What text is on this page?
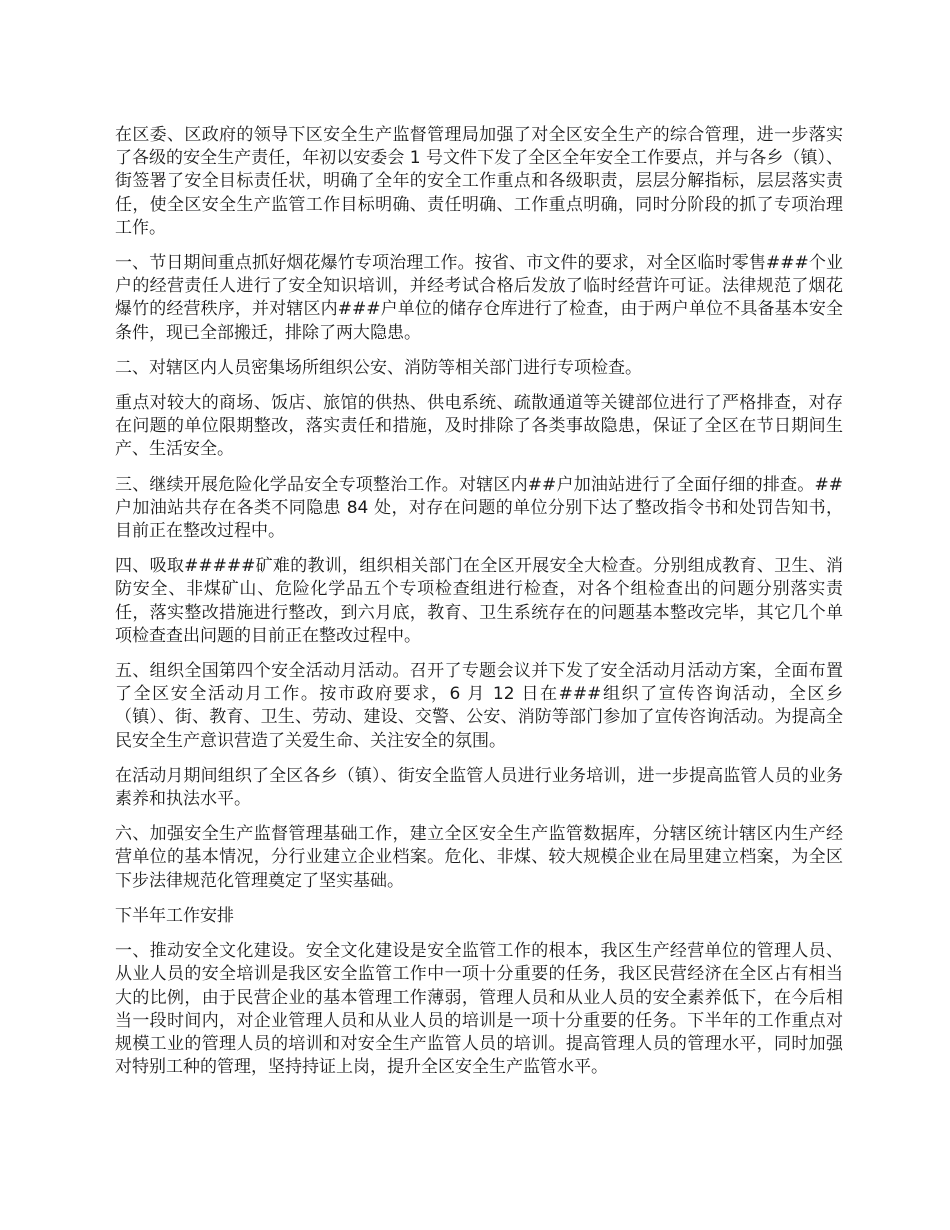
在区委、区政府的领导下区安全生产监督管理局加强了对全区安全生产的综合管理，进一步落实了各级的安全生产责任，年初以安委会 1 号文件下发了全区全年安全工作要点，并与各乡（镇）、街签署了安全目标责任状，明确了全年的安全工作重点和各级职责，层层分解指标，层层落实责任，使全区安全生产监管工作目标明确、责任明确、工作重点明确，同时分阶段的抓了专项治理工作。

一、节日期间重点抓好烟花爆竹专项治理工作。按省、市文件的要求，对全区临时零售###个业户的经营责任人进行了安全知识培训，并经考试合格后发放了临时经营许可证。法律规范了烟花爆竹的经营秩序，并对辖区内###户单位的储存仓库进行了检查，由于两户单位不具备基本安全条件，现已全部搬迁，排除了两大隐患。

二、对辖区内人员密集场所组织公安、消防等相关部门进行专项检查。

重点对较大的商场、饭店、旅馆的供热、供电系统、疏散通道等关键部位进行了严格排查，对存在问题的单位限期整改，落实责任和措施，及时排除了各类事故隐患，保证了全区在节日期间生产、生活安全。

三、继续开展危险化学品安全专项整治工作。对辖区内##户加油站进行了全面仔细的排查。##户加油站共存在各类不同隐患 84 处，对存在问题的单位分别下达了整改指令书和处罚告知书，目前正在整改过程中。

四、吸取#####矿难的教训，组织相关部门在全区开展安全大检查。分别组成教育、卫生、消防安全、非煤矿山、危险化学品五个专项检查组进行检查，对各个组检查出的问题分别落实责任，落实整改措施进行整改，到六月底，教育、卫生系统存在的问题基本整改完毕，其它几个单项检查查出问题的目前正在整改过程中。

五、组织全国第四个安全活动月活动。召开了专题会议并下发了安全活动月活动方案，全面布置了全区安全活动月工作。按市政府要求，6 月 12 日在###组织了宣传咨询活动，全区乡（镇）、街、教育、卫生、劳动、建设、交警、公安、消防等部门参加了宣传咨询活动。为提高全民安全生产意识营造了关爱生命、关注安全的氛围。

在活动月期间组织了全区各乡（镇）、街安全监管人员进行业务培训，进一步提高监管人员的业务素养和执法水平。

六、加强安全生产监督管理基础工作，建立全区安全生产监管数据库，分辖区统计辖区内生产经营单位的基本情况，分行业建立企业档案。危化、非煤、较大规模企业在局里建立档案，为全区下步法律规范化管理奠定了坚实基础。

下半年工作安排

一、推动安全文化建设。安全文化建设是安全监管工作的根本，我区生产经营单位的管理人员、从业人员的安全培训是我区安全监管工作中一项十分重要的任务，我区民营经济在全区占有相当大的比例，由于民营企业的基本管理工作薄弱，管理人员和从业人员的安全素养低下，在今后相当一段时间内，对企业管理人员和从业人员的培训是一项十分重要的任务。下半年的工作重点对规模工业的管理人员的培训和对安全生产监管人员的培训。提高管理人员的管理水平，同时加强对特别工种的管理，坚持持证上岗，提升全区安全生产监管水平。
